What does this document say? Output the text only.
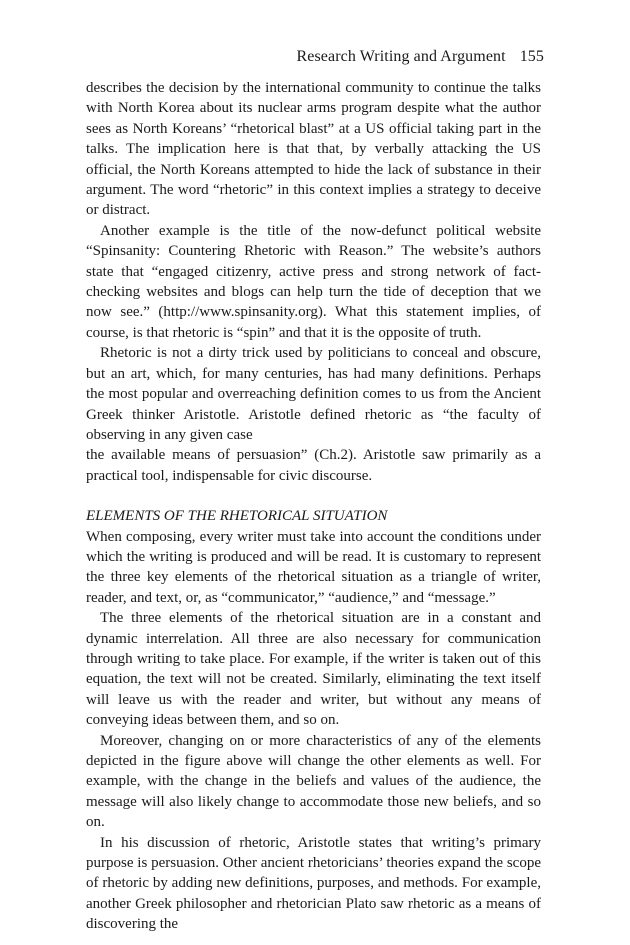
Research Writing and Argument 155

describes the decision by the international community to continue the talks with North Korea about its nuclear arms program despite what the author sees as North Koreans’ “rhetorical blast” at a US official taking part in the talks. The implication here is that that, by verbally attacking the US official, the North Koreans attempted to hide the lack of substance in their argument. The word “rhetoric” in this context implies a strategy to deceive or distract.

Another example is the title of the now-defunct political website “Spinsanity: Countering Rhetoric with Reason.” The website’s authors state that “engaged citizenry, active press and strong network of fact-checking websites and blogs can help turn the tide of deception that we now see.” (http://www.spinsanity.org). What this statement implies, of course, is that rhetoric is “spin” and that it is the opposite of truth.

Rhetoric is not a dirty trick used by politicians to conceal and obscure, but an art, which, for many centuries, has had many definitions. Perhaps the most popular and overreaching definition comes to us from the Ancient Greek thinker Aristotle. Aristotle defined rhetoric as “the faculty of observing in any given case

the available means of persuasion” (Ch.2). Aristotle saw primarily as a practical tool, indispensable for civic discourse.

ELEMENTS OF THE RHETORICAL SITUATION

When composing, every writer must take into account the conditions under which the writing is produced and will be read. It is customary to represent the three key elements of the rhetorical situation as a triangle of writer, reader, and text, or, as “communicator,” “audience,” and “message.”

The three elements of the rhetorical situation are in a constant and dynamic interrelation. All three are also necessary for communication through writing to take place. For example, if the writer is taken out of this equation, the text will not be created. Similarly, eliminating the text itself will leave us with the reader and writer, but without any means of conveying ideas between them, and so on.

Moreover, changing on or more characteristics of any of the elements depicted in the figure above will change the other elements as well. For example, with the change in the beliefs and values of the audience, the message will also likely change to accommodate those new beliefs, and so on.

In his discussion of rhetoric, Aristotle states that writing’s primary purpose is persuasion. Other ancient rhetoricians’ theories expand the scope of rhetoric by adding new definitions, purposes, and methods. For example, another Greek philosopher and rhetorician Plato saw rhetoric as a means of discovering the
